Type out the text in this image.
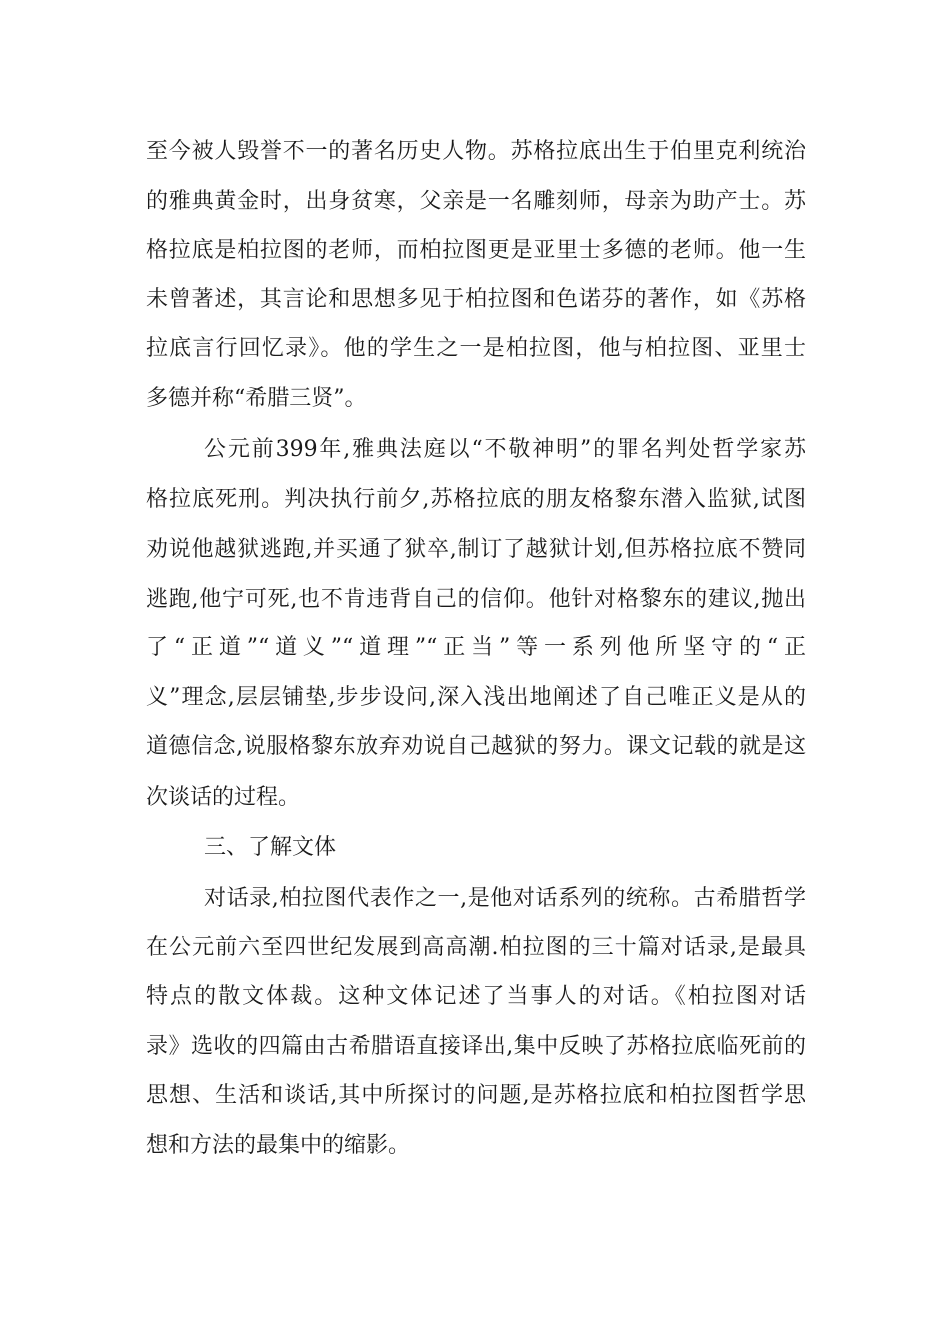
至今被人毁誉不一的著名历史人物。苏格拉底出生于伯里克利统治
的雅典黄金时，出身贫寒，父亲是一名雕刻师，母亲为助产士。苏
格拉底是柏拉图的老师，而柏拉图更是亚里士多德的老师。他一生
未曾著述，其言论和思想多见于柏拉图和色诺芬的著作，如《苏格
拉底言行回忆录》。他的学生之一是柏拉图，他与柏拉图、亚里士
多德并称“希腊三贤”。
公元前399年,雅典法庭以“不敬神明”的罪名判处哲学家苏
格拉底死刑。判决执行前夕,苏格拉底的朋友格黎东潜入监狱,试图
劝说他越狱逃跑,并买通了狱卒,制订了越狱计划,但苏格拉底不赞同
逃跑,他宁可死,也不肯违背自己的信仰。他针对格黎东的建议,抛出
了“正道”“道义”“道理”“正当”等一系列他所坚守的“正
义”理念,层层铺垫,步步设问,深入浅出地阐述了自己唯正义是从的
道德信念,说服格黎东放弃劝说自己越狱的努力。课文记载的就是这
次谈话的过程。
三、了解文体
对话录,柏拉图代表作之一,是他对话系列的统称。古希腊哲学
在公元前六至四世纪发展到高高潮.柏拉图的三十篇对话录,是最具
特点的散文体裁。这种文体记述了当事人的对话。《柏拉图对话
录》选收的四篇由古希腊语直接译出,集中反映了苏格拉底临死前的
思想、生活和谈话,其中所探讨的问题,是苏格拉底和柏拉图哲学思
想和方法的最集中的缩影。
